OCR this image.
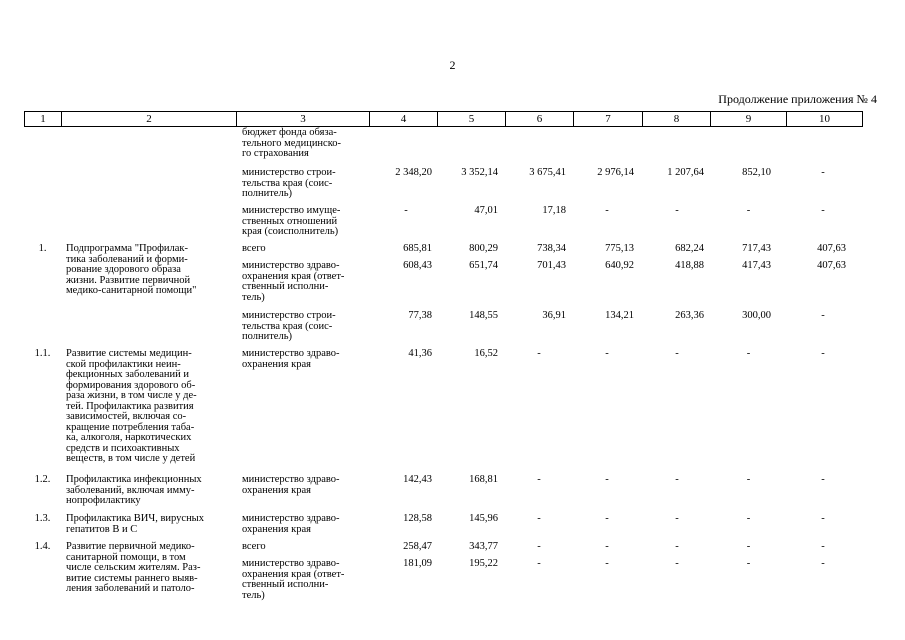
2
Продолжение приложения № 4
1	2	3	4	5	6	7	8	9	10
бюджет фонда обяза-
тельного медицинско-
го страхования
министерство строи-
тельства края (соис-
полнитель)
2 348,20	3 352,14	3 675,41	2 976,14	1 207,64	852,10	-
министерство имуще-
ственных отношений
края (соисполнитель)
-	47,01	17,18	-	-	-	-
1.	Подпрограмма "Профилак-
тика заболеваний и форми-
рование здорового образа
жизни. Развитие первичной
медико-санитарной помощи"
всего	685,81	800,29	738,34	775,13	682,24	717,43	407,63
министерство здраво-
охранения края (ответ-
ственный исполни-
тель)
608,43	651,74	701,43	640,92	418,88	417,43	407,63
министерство строи-
тельства края (соис-
полнитель)
77,38	148,55	36,91	134,21	263,36	300,00	-
1.1.	Развитие системы медицин-
ской профилактики неин-
фекционных заболеваний и
формирования здорового об-
раза жизни, в том числе у де-
тей. Профилактика развития
зависимостей, включая со-
кращение потребления таба-
ка, алкоголя, наркотических
средств и психоактивных
веществ, в том числе у детей
министерство здраво-
охранения края
41,36	16,52	-	-	-	-	-
1.2.	Профилактика инфекционных
заболеваний, включая имму-
нопрофилактику
министерство здраво-
охранения края
142,43	168,81	-	-	-	-	-
1.3.	Профилактика ВИЧ, вирусных
гепатитов В и С
министерство здраво-
охранения края
128,58	145,96	-	-	-	-	-
1.4.	Развитие первичной медико-
санитарной помощи, в том
числе сельским жителям. Раз-
витие системы раннего выяв-
ления заболеваний и патоло-
всего	258,47	343,77	-	-	-	-	-
министерство здраво-
охранения края (ответ-
ственный исполни-
тель)
181,09	195,22	-	-	-	-	-
